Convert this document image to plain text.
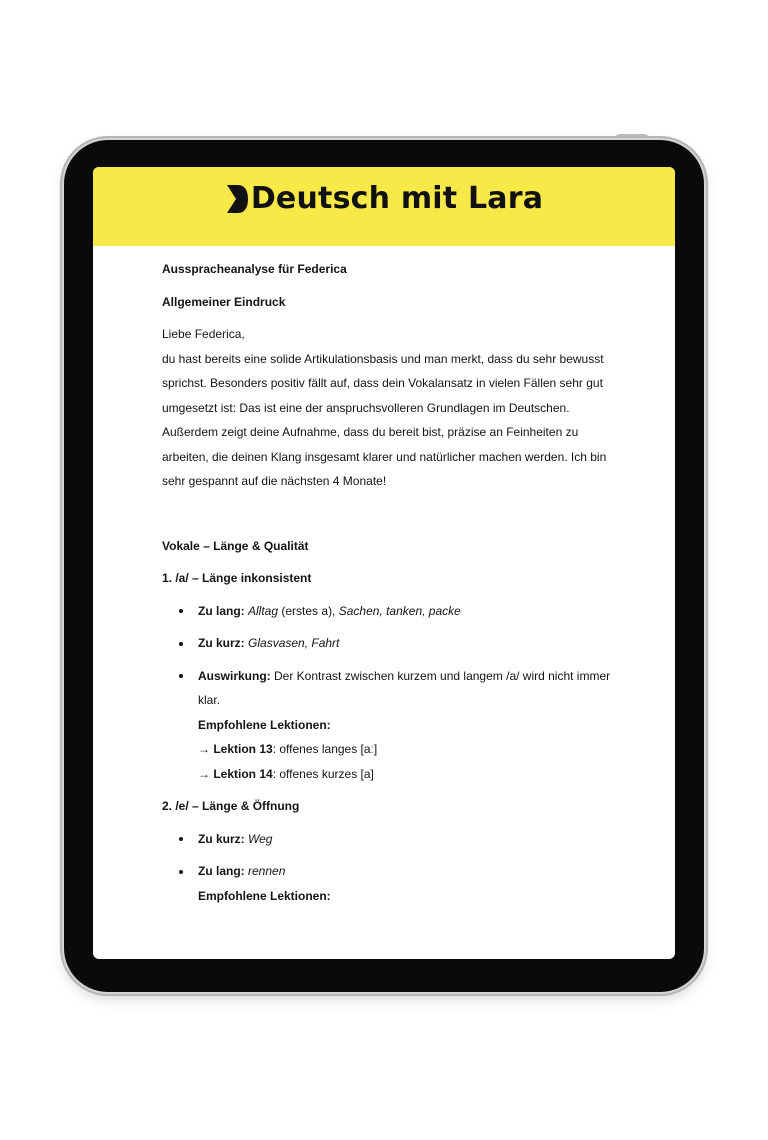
Deutsch mit Lara

Ausspracheanalyse für Federica

Allgemeiner Eindruck

Liebe Federica,

du hast bereits eine solide Artikulationsbasis und man merkt, dass du sehr bewusst sprichst. Besonders positiv fällt auf, dass dein Vokalansatz in vielen Fällen sehr gut umgesetzt ist: Das ist eine der anspruchsvolleren Grundlagen im Deutschen. Außerdem zeigt deine Aufnahme, dass du bereit bist, präzise an Feinheiten zu arbeiten, die deinen Klang insgesamt klarer und natürlicher machen werden. Ich bin sehr gespannt auf die nächsten 4 Monate!

Vokale – Länge & Qualität

1. /a/ – Länge inkonsistent

Zu lang: Alltag (erstes a), Sachen, tanken, packe
Zu kurz: Glasvasen, Fahrt
Auswirkung: Der Kontrast zwischen kurzem und langem /a/ wird nicht immer klar.

Empfohlene Lektionen:

→ Lektion 13: offenes langes [aː]

→ Lektion 14: offenes kurzes [a]

2. /e/ – Länge & Öffnung

Zu kurz: Weg
Zu lang: rennen

Empfohlene Lektionen:
